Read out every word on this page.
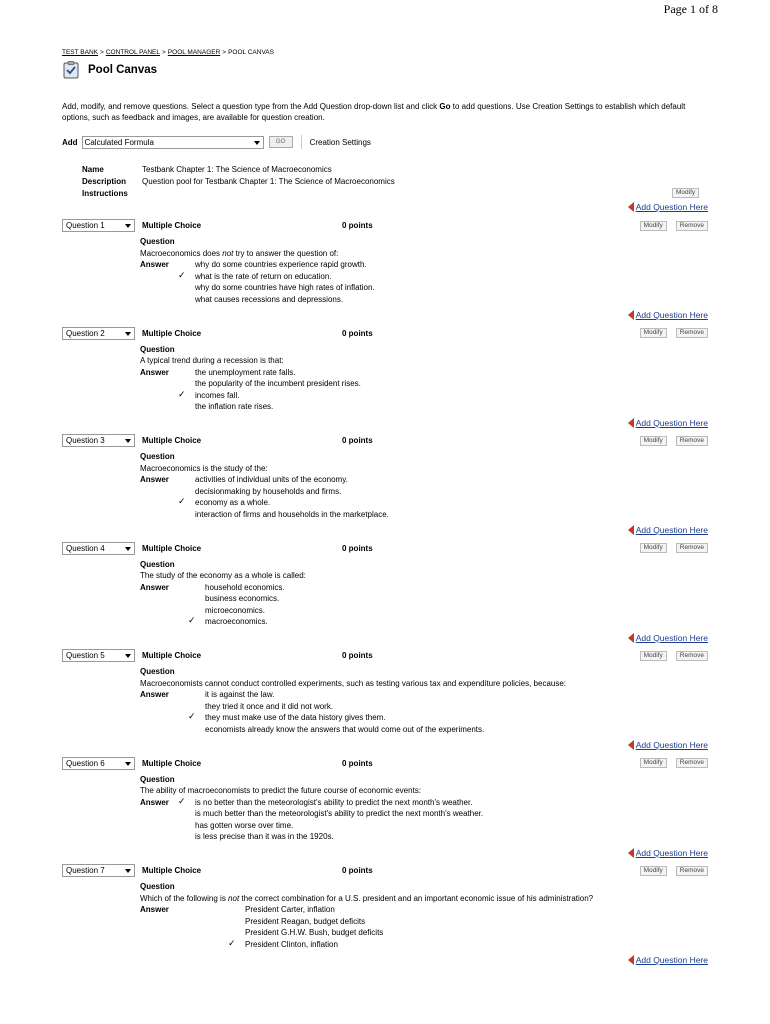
Page 1 of 8
TEST BANK > CONTROL PANEL > POOL MANAGER > POOL CANVAS
Pool Canvas
Add, modify, and remove questions. Select a question type from the Add Question drop-down list and click Go to add questions. Use Creation Settings to establish which default options, such as feedback and images, are available for question creation.
Add Calculated Formula	GO	Creation Settings
Name	Testbank Chapter 1: The Science of Macroeconomics
Description	Question pool for Testbank Chapter 1: The Science of Macroeconomics
Instructions	Modify
Add Question Here
Question 1	Multiple Choice	0 points	Modify	Remove
Question
Macroeconomics does not try to answer the question of:
Answer	why do some countries experience rapid growth.
✓ what is the rate of return on education.
why do some countries have high rates of inflation.
what causes recessions and depressions.
Add Question Here
Question 2	Multiple Choice	0 points	Modify	Remove
Question
A typical trend during a recession is that:
Answer	the unemployment rate falls.
the popularity of the incumbent president rises.
✓ incomes fall.
the inflation rate rises.
Add Question Here
Question 3	Multiple Choice	0 points	Modify	Remove
Question
Macroeconomics is the study of the:
Answer	activities of individual units of the economy.
decisionmaking by households and firms.
✓ economy as a whole.
interaction of firms and households in the marketplace.
Add Question Here
Question 4	Multiple Choice	0 points	Modify	Remove
Question
The study of the economy as a whole is called:
Answer	household economics.
business economics.
microeconomics.
✓ macroeconomics.
Add Question Here
Question 5	Multiple Choice	0 points	Modify	Remove
Question
Macroeconomists cannot conduct controlled experiments, such as testing various tax and expenditure policies, because:
Answer	it is against the law.
they tried it once and it did not work.
✓ they must make use of the data history gives them.
economists already know the answers that would come out of the experiments.
Add Question Here
Question 6	Multiple Choice	0 points	Modify	Remove
Question
The ability of macroeconomists to predict the future course of economic events:
Answer	✓ is no better than the meteorologist's ability to predict the next month's weather.
is much better than the meteorologist's ability to predict the next month's weather.
has gotten worse over time.
is less precise than it was in the 1920s.
Add Question Here
Question 7	Multiple Choice	0 points	Modify	Remove
Question
Which of the following is not the correct combination for a U.S. president and an important economic issue of his administration?
Answer	President Carter, inflation
President Reagan, budget deficits
President G.H.W. Bush, budget deficits
✓ President Clinton, inflation
Add Question Here
